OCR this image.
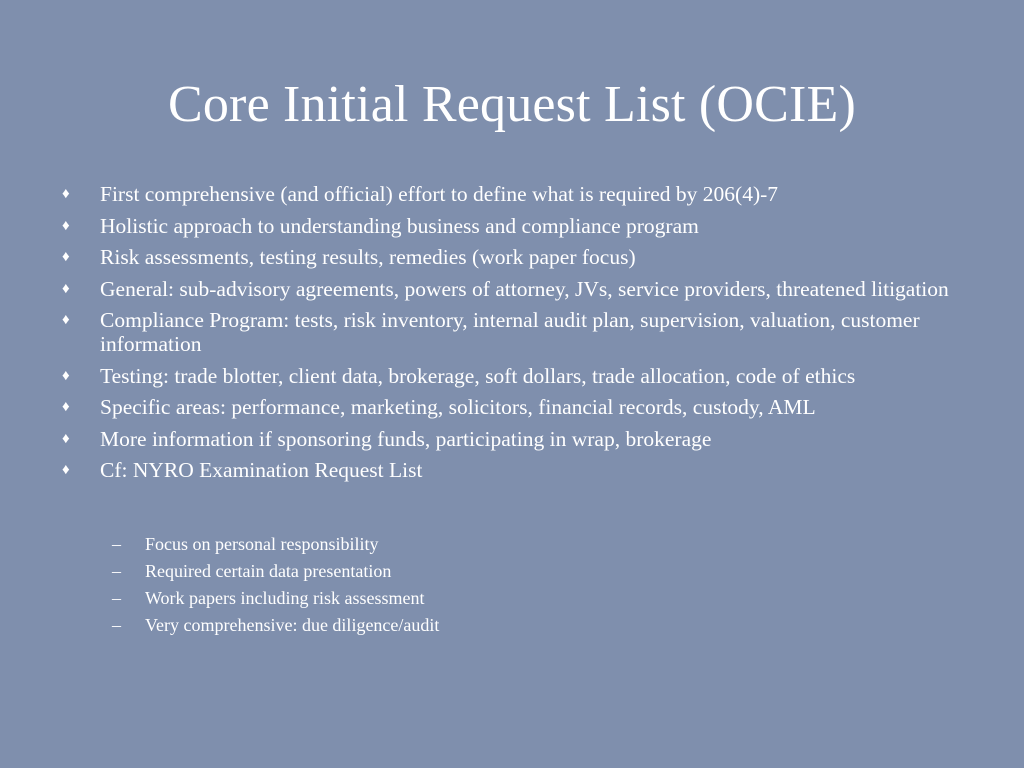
Core Initial Request List (OCIE)
♦ First comprehensive (and official) effort to define what is required by 206(4)-7
♦ Holistic approach to understanding business and compliance program
♦ Risk assessments, testing results, remedies (work paper focus)
♦ General: sub-advisory agreements, powers of attorney, JVs, service providers, threatened litigation
♦ Compliance Program: tests, risk inventory, internal audit plan, supervision, valuation, customer information
♦ Testing: trade blotter, client data, brokerage, soft dollars, trade allocation, code of ethics
♦ Specific areas: performance, marketing, solicitors, financial records, custody, AML
♦ More information if sponsoring funds, participating in wrap, brokerage
♦ Cf: NYRO Examination Request List
– Focus on personal responsibility
– Required certain data presentation
– Work papers including risk assessment
– Very comprehensive: due diligence/audit
